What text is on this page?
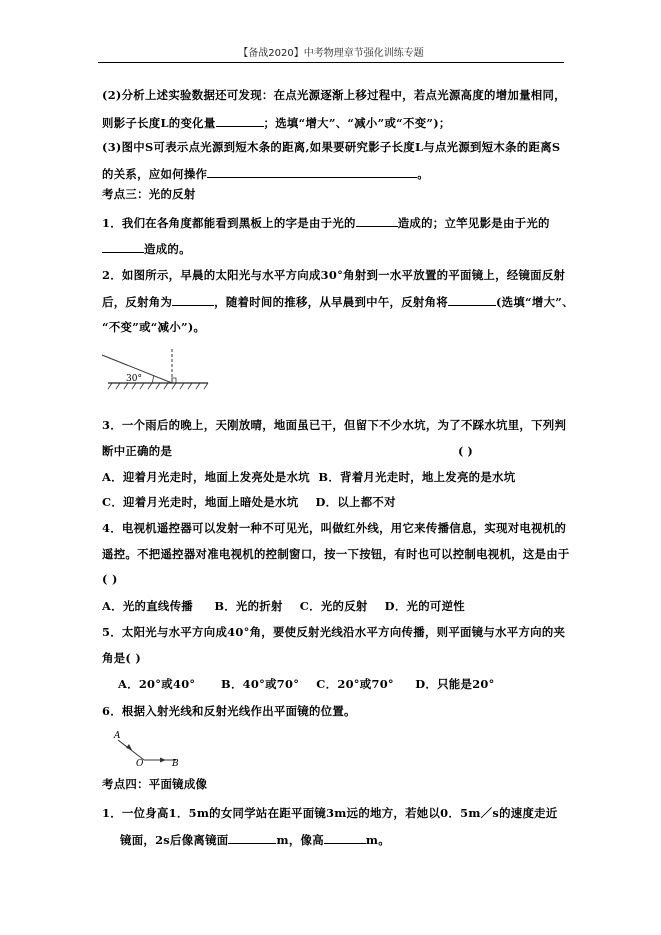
【备战2020】中考物理章节强化训练专题
(2)分析上述实验数据还可发现：在点光源逐渐上移过程中，若点光源高度的增加量相同，
则影子长度L的变化量	；选填“增大”、“减小”或“不变”)；
(3)图中S可表示点光源到短木条的距离,如果要研究影子长度L与点光源到短木条的距离S
的关系，应如何操作	。
考点三：光的反射
1．我们在各角度都能看到黑板上的字是由于光的	造成的；立竿见影是由于光的
造成的。
2．如图所示，早晨的太阳光与水平方向成30°角射到一水平放置的平面镜上，经镜面反射
后，反射角为	，随着时间的推移，从早晨到中午，反射角将	(选填“增大”、
“不变”或“减小”)。
30°
3．一个雨后的晚上，天刚放晴，地面虽已干，但留下不少水坑，为了不踩水坑里，下列判
断中正确的是	( )
A．迎着月光走时，地面上发亮处是水坑 B．背着月光走时，地上发亮的是水坑
C．迎着月光走时，地面上暗处是水坑 D．以上都不对
4．电视机遥控器可以发射一种不可见光，叫做红外线，用它来传播信息，实现对电视机的
遥控。不把遥控器对准电视机的控制窗口，按一下按钮，有时也可以控制电视机，这是由于
( )
A．光的直线传播 B．光的折射 C．光的反射 D．光的可逆性
5．太阳光与水平方向成40°角，要使反射光线沿水平方向传播，则平面镜与水平方向的夹
角是( )
A．20°或40° B．40°或70° C．20°或70° D．只能是20°
6．根据入射光线和反射光线作出平面镜的位置。
A
O	B
考点四：平面镜成像
1．一位身高1．5m的女同学站在距平面镜3m远的地方，若她以0．5m／s的速度走近
镜面，2s后像离镜面	m，像高	m。
